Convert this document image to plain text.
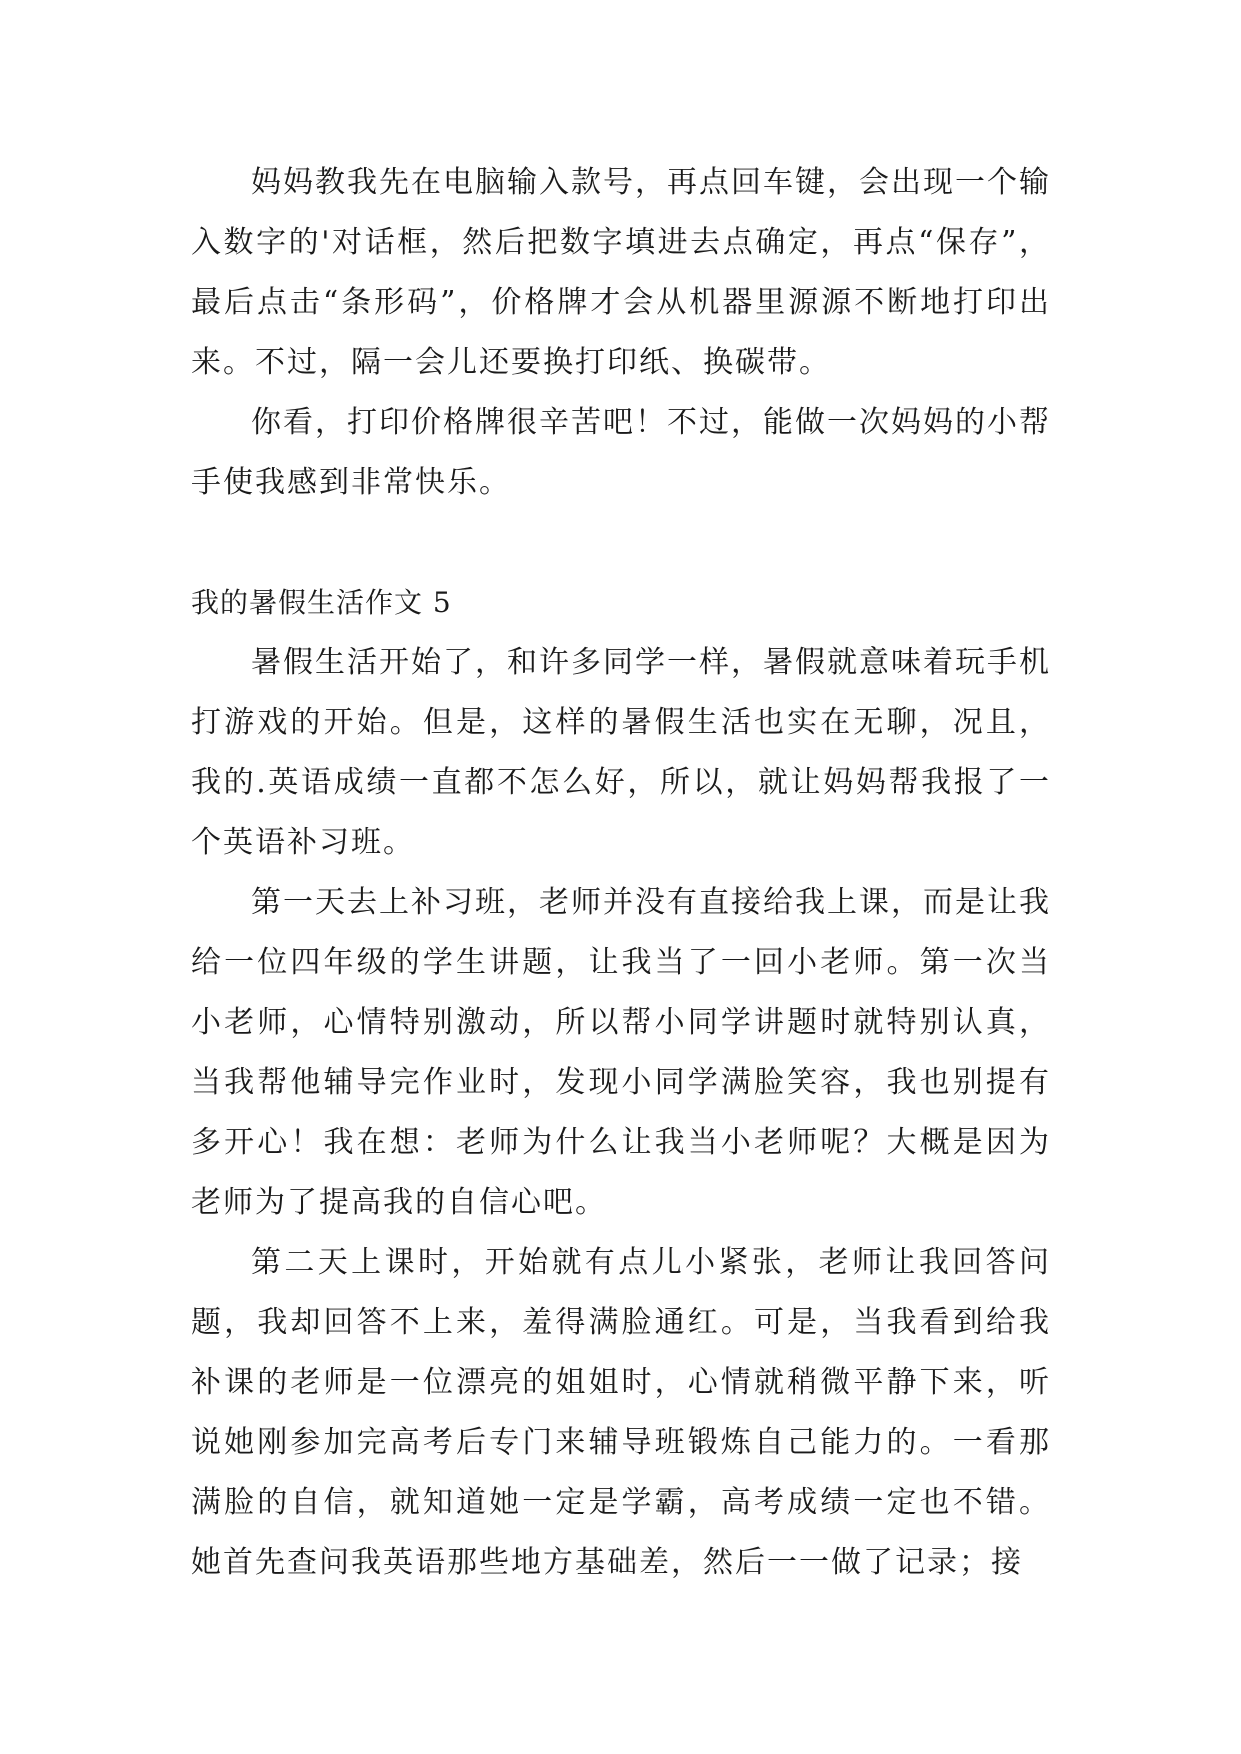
妈妈教我先在电脑输入款号，再点回车键，会出现一个输入数字的'对话框，然后把数字填进去点确定，再点“保存”，最后点击“条形码”，价格牌才会从机器里源源不断地打印出来。不过，隔一会儿还要换打印纸、换碳带。

你看，打印价格牌很辛苦吧！不过，能做一次妈妈的小帮手使我感到非常快乐。

我的暑假生活作文 5

暑假生活开始了，和许多同学一样，暑假就意味着玩手机打游戏的开始。但是，这样的暑假生活也实在无聊，况且，我的.英语成绩一直都不怎么好，所以，就让妈妈帮我报了一个英语补习班。

第一天去上补习班，老师并没有直接给我上课，而是让我给一位四年级的学生讲题，让我当了一回小老师。第一次当小老师，心情特别激动，所以帮小同学讲题时就特别认真，当我帮他辅导完作业时，发现小同学满脸笑容，我也别提有多开心！我在想：老师为什么让我当小老师呢？大概是因为老师为了提高我的自信心吧。

第二天上课时，开始就有点儿小紧张，老师让我回答问题，我却回答不上来，羞得满脸通红。可是，当我看到给我补课的老师是一位漂亮的姐姐时，心情就稍微平静下来，听说她刚参加完高考后专门来辅导班锻炼自己能力的。一看那满脸的自信，就知道她一定是学霸，高考成绩一定也不错。她首先查问我英语那些地方基础差，然后一一做了记录；接
